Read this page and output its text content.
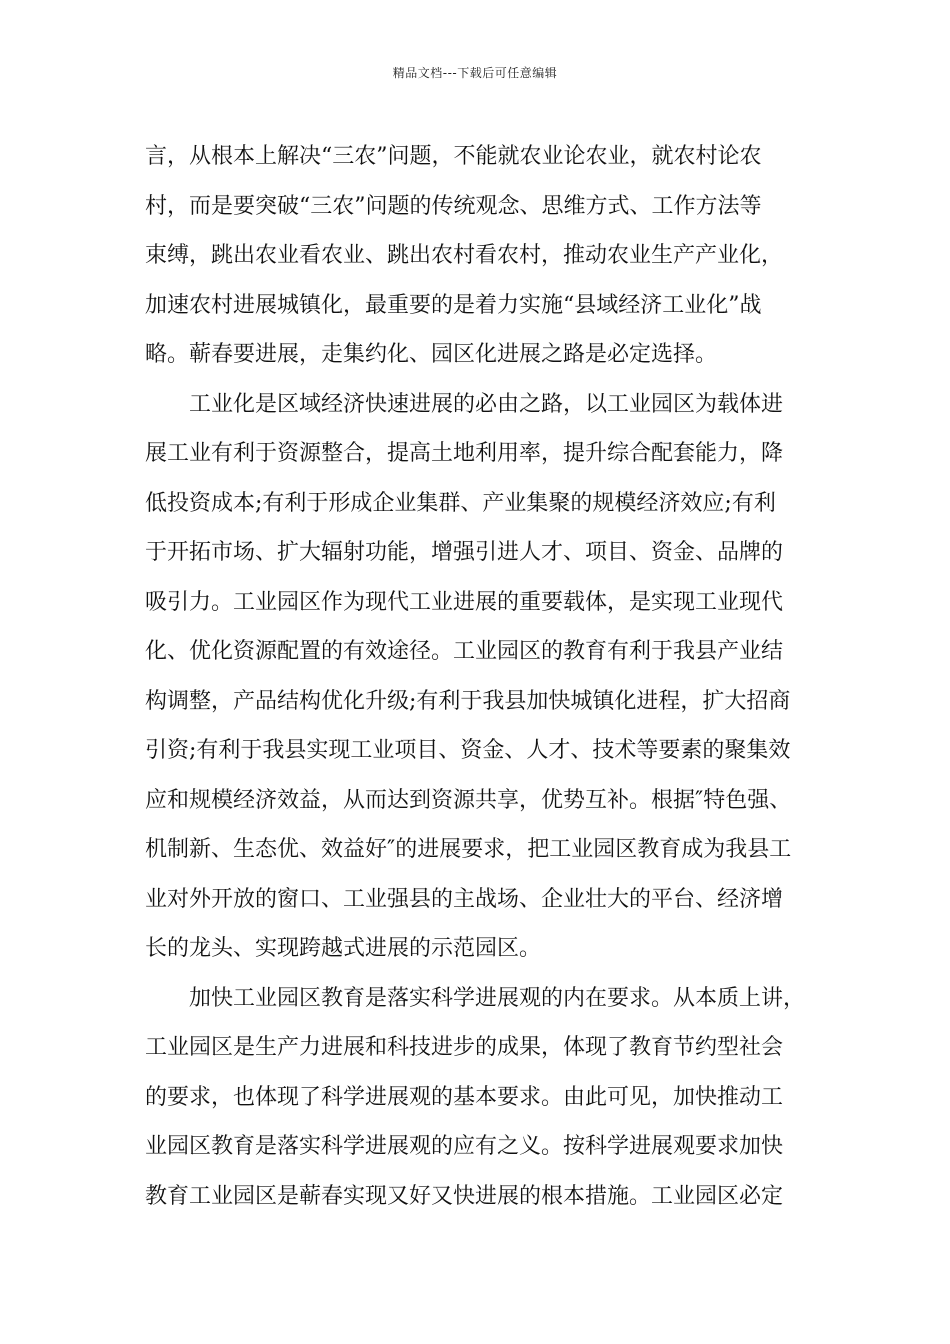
精品文档---下载后可任意编辑
言，从根本上解决“三农”问题，不能就农业论农业，就农村论农
村，而是要突破“三农”问题的传统观念、思维方式、工作方法等
束缚，跳出农业看农业、跳出农村看农村，推动农业生产产业化，
加速农村进展城镇化，最重要的是着力实施“县域经济工业化”战
略。蕲春要进展，走集约化、园区化进展之路是必定选择。
工业化是区域经济快速进展的必由之路，以工业园区为载体进
展工业有利于资源整合，提高土地利用率，提升综合配套能力，降
低投资成本;有利于形成企业集群、产业集聚的规模经济效应;有利
于开拓市场、扩大辐射功能，增强引进人才、项目、资金、品牌的
吸引力。工业园区作为现代工业进展的重要载体，是实现工业现代
化、优化资源配置的有效途径。工业园区的教育有利于我县产业结
构调整，产品结构优化升级;有利于我县加快城镇化进程，扩大招商
引资;有利于我县实现工业项目、资金、人才、技术等要素的聚集效
应和规模经济效益，从而达到资源共享，优势互补。根据″特色强、
机制新、生态优、效益好″的进展要求，把工业园区教育成为我县工
业对外开放的窗口、工业强县的主战场、企业壮大的平台、经济增
长的龙头、实现跨越式进展的示范园区。
加快工业园区教育是落实科学进展观的内在要求。从本质上讲，
工业园区是生产力进展和科技进步的成果，体现了教育节约型社会
的要求，也体现了科学进展观的基本要求。由此可见，加快推动工
业园区教育是落实科学进展观的应有之义。按科学进展观要求加快
教育工业园区是蕲春实现又好又快进展的根本措施。工业园区必定
